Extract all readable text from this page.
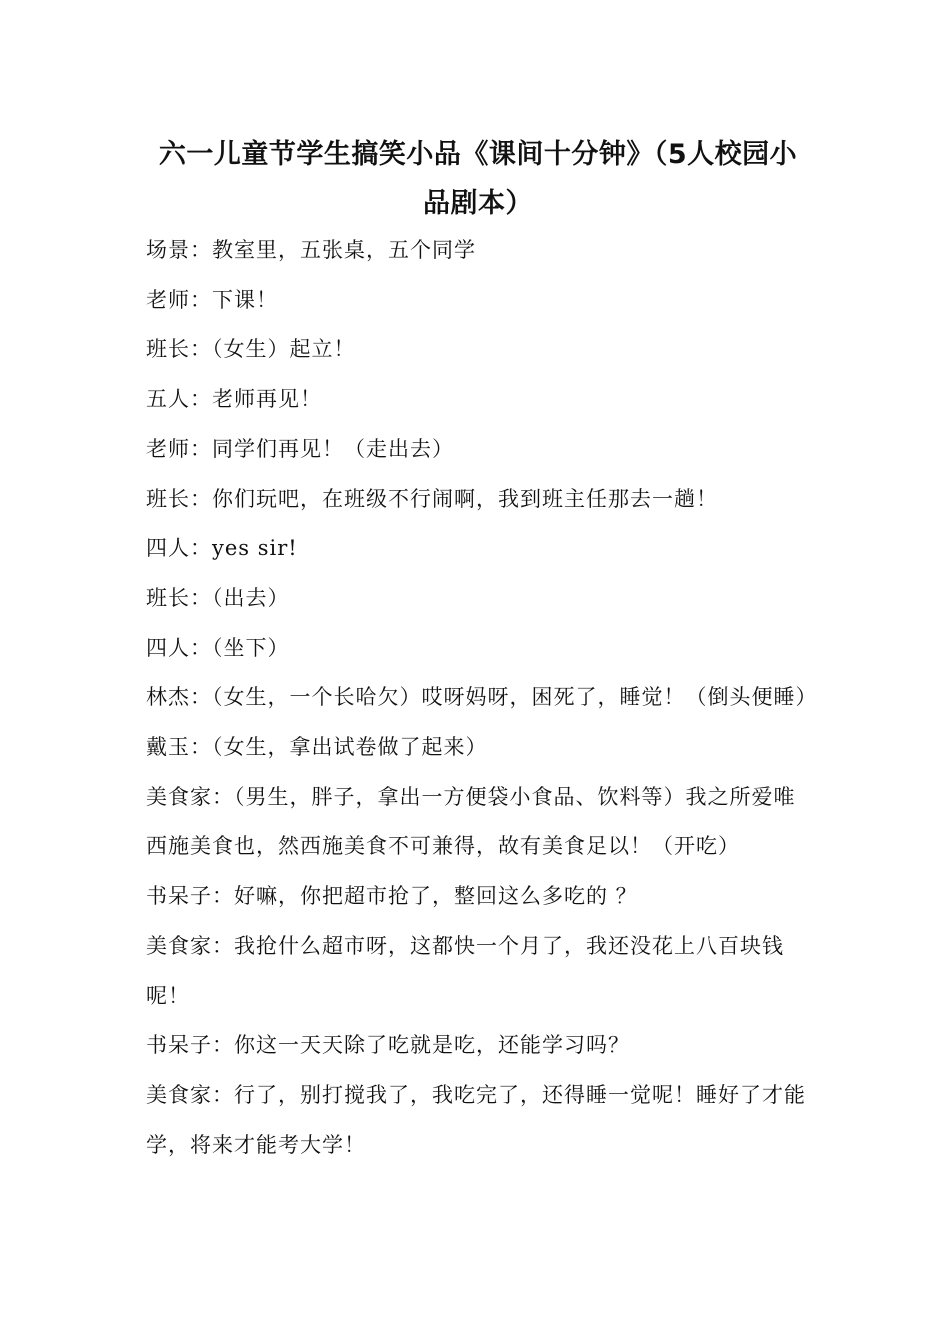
六一儿童节学生搞笑小品《课间十分钟》（5人校园小品剧本）

场景：教室里，五张桌，五个同学

老师：下课！

班长：（女生）起立！

五人：老师再见！

老师：同学们再见！（走出去）

班长：你们玩吧，在班级不行闹啊，我到班主任那去一趟！

四人：yes sir!

班长：（出去）

四人：（坐下）

林杰：（女生，一个长哈欠）哎呀妈呀，困死了，睡觉！（倒头便睡）

戴玉：（女生，拿出试卷做了起来）

美食家：（男生，胖子，拿出一方便袋小食品、饮料等）我之所爱唯西施美食也，然西施美食不可兼得，故有美食足以！（开吃）

书呆子：好嘛，你把超市抢了，整回这么多吃的 ？

美食家：我抢什么超市呀，这都快一个月了，我还没花上八百块钱呢！

书呆子：你这一天天除了吃就是吃，还能学习吗？

美食家：行了，别打搅我了，我吃完了，还得睡一觉呢！睡好了才能学，将来才能考大学！
